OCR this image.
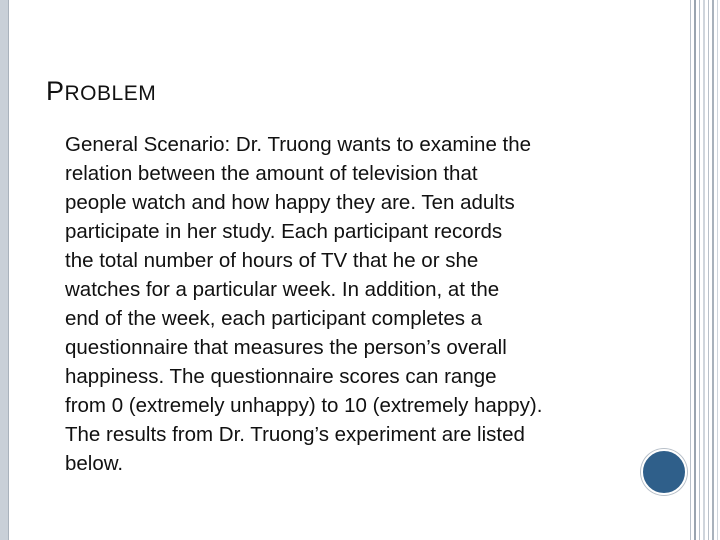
PROBLEM

General Scenario: Dr. Truong wants to examine the
relation between the amount of television that
people watch and how happy they are. Ten adults
participate in her study. Each participant records
the total number of hours of TV that he or she
watches for a particular week. In addition, at the
end of the week, each participant completes a
questionnaire that measures the person’s overall
happiness. The questionnaire scores can range
from 0 (extremely unhappy) to 10 (extremely happy).
The results from Dr. Truong’s experiment are listed
below.
